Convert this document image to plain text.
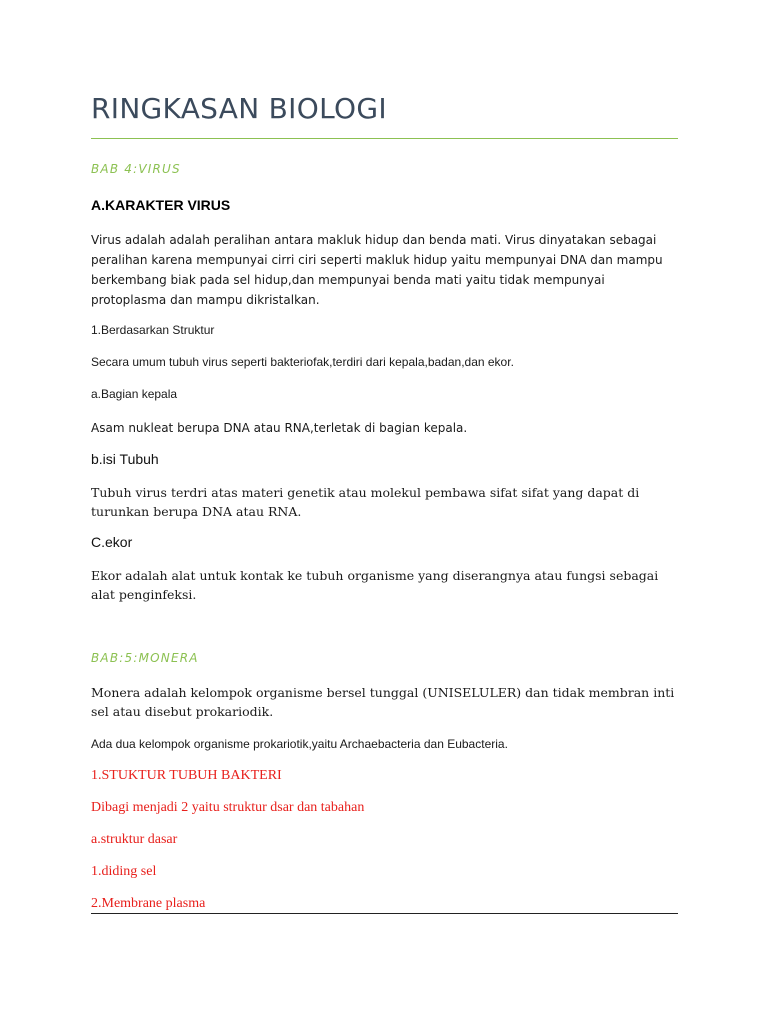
RINGKASAN BIOLOGI
BAB 4:VIRUS
A.KARAKTER VIRUS
Virus adalah adalah peralihan antara makluk hidup dan benda mati. Virus dinyatakan sebagai peralihan karena mempunyai cirri ciri seperti makluk hidup yaitu mempunyai DNA dan mampu berkembang biak pada sel hidup,dan mempunyai benda mati yaitu tidak mempunyai protoplasma dan mampu dikristalkan.
1.Berdasarkan Struktur
Secara umum tubuh virus seperti bakteriofak,terdiri dari kepala,badan,dan ekor.
a.Bagian kepala
Asam nukleat berupa DNA atau RNA,terletak di bagian kepala.
b.isi Tubuh
Tubuh virus terdri atas materi genetik atau molekul pembawa sifat sifat yang dapat di turunkan berupa DNA atau RNA.
C.ekor
Ekor adalah alat untuk kontak ke tubuh organisme yang diserangnya atau fungsi sebagai alat penginfeksi.
BAB:5:MONERA
Monera adalah kelompok organisme bersel tunggal (UNISELULER) dan tidak membran inti sel atau disebut prokariodik.
Ada dua kelompok organisme prokariotik,yaitu Archaebacteria dan Eubacteria.
1.STUKTUR TUBUH BAKTERI
Dibagi menjadi 2 yaitu struktur dsar dan tabahan
a.struktur dasar
1.diding sel
2.Membrane plasma
